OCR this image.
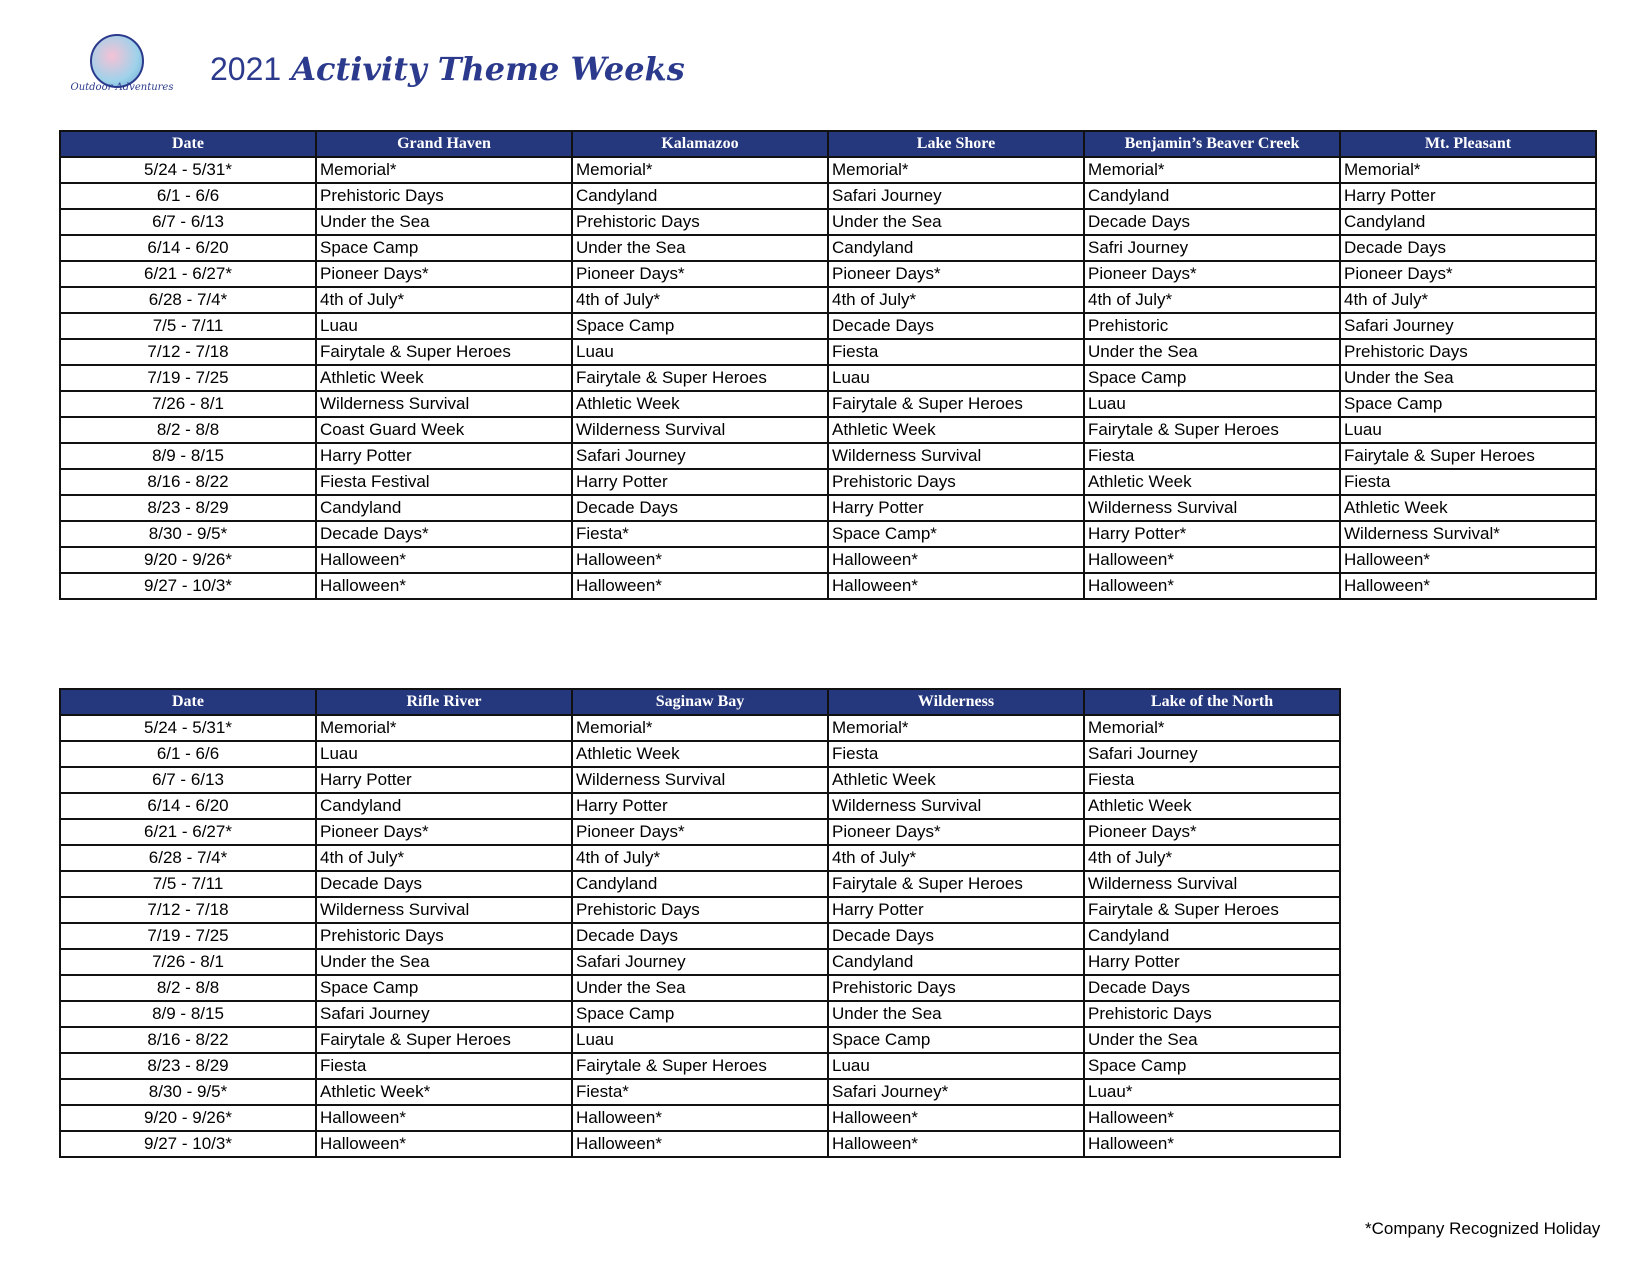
Outdoor Adventures
2021 Activity Theme Weeks
Date	Grand Haven	Kalamazoo	Lake Shore	Benjamin’s Beaver Creek	Mt. Pleasant
5/24 - 5/31*	Memorial*	Memorial*	Memorial*	Memorial*	Memorial*
6/1 - 6/6	Prehistoric Days	Candyland	Safari Journey	Candyland	Harry Potter
6/7 - 6/13	Under the Sea	Prehistoric Days	Under the Sea	Decade Days	Candyland
6/14 - 6/20	Space Camp	Under the Sea	Candyland	Safri Journey	Decade Days
6/21 - 6/27*	Pioneer Days*	Pioneer Days*	Pioneer Days*	Pioneer Days*	Pioneer Days*
6/28 - 7/4*	4th of July*	4th of July*	4th of July*	4th of July*	4th of July*
7/5 - 7/11	Luau	Space Camp	Decade Days	Prehistoric	Safari Journey
7/12 - 7/18	Fairytale & Super Heroes	Luau	Fiesta	Under the Sea	Prehistoric Days
7/19 - 7/25	Athletic Week	Fairytale & Super Heroes	Luau	Space Camp	Under the Sea
7/26 - 8/1	Wilderness Survival	Athletic Week	Fairytale & Super Heroes	Luau	Space Camp
8/2 - 8/8	Coast Guard Week	Wilderness Survival	Athletic Week	Fairytale & Super Heroes	Luau
8/9 - 8/15	Harry Potter	Safari Journey	Wilderness Survival	Fiesta	Fairytale & Super Heroes
8/16 - 8/22	Fiesta Festival	Harry Potter	Prehistoric Days	Athletic Week	Fiesta
8/23 - 8/29	Candyland	Decade Days	Harry Potter	Wilderness Survival	Athletic Week
8/30 - 9/5*	Decade Days*	Fiesta*	Space Camp*	Harry Potter*	Wilderness Survival*
9/20 - 9/26*	Halloween*	Halloween*	Halloween*	Halloween*	Halloween*
9/27 - 10/3*	Halloween*	Halloween*	Halloween*	Halloween*	Halloween*
Date	Rifle River	Saginaw Bay	Wilderness	Lake of the North
5/24 - 5/31*	Memorial*	Memorial*	Memorial*	Memorial*
6/1 - 6/6	Luau	Athletic Week	Fiesta	Safari Journey
6/7 - 6/13	Harry Potter	Wilderness Survival	Athletic Week	Fiesta
6/14 - 6/20	Candyland	Harry Potter	Wilderness Survival	Athletic Week
6/21 - 6/27*	Pioneer Days*	Pioneer Days*	Pioneer Days*	Pioneer Days*
6/28 - 7/4*	4th of July*	4th of July*	4th of July*	4th of July*
7/5 - 7/11	Decade Days	Candyland	Fairytale & Super Heroes	Wilderness Survival
7/12 - 7/18	Wilderness Survival	Prehistoric Days	Harry Potter	Fairytale & Super Heroes
7/19 - 7/25	Prehistoric Days	Decade Days	Decade Days	Candyland
7/26 - 8/1	Under the Sea	Safari Journey	Candyland	Harry Potter
8/2 - 8/8	Space Camp	Under the Sea	Prehistoric Days	Decade Days
8/9 - 8/15	Safari Journey	Space Camp	Under the Sea	Prehistoric Days
8/16 - 8/22	Fairytale & Super Heroes	Luau	Space Camp	Under the Sea
8/23 - 8/29	Fiesta	Fairytale & Super Heroes	Luau	Space Camp
8/30 - 9/5*	Athletic Week*	Fiesta*	Safari Journey*	Luau*
9/20 - 9/26*	Halloween*	Halloween*	Halloween*	Halloween*
9/27 - 10/3*	Halloween*	Halloween*	Halloween*	Halloween*
*Company Recognized Holiday
